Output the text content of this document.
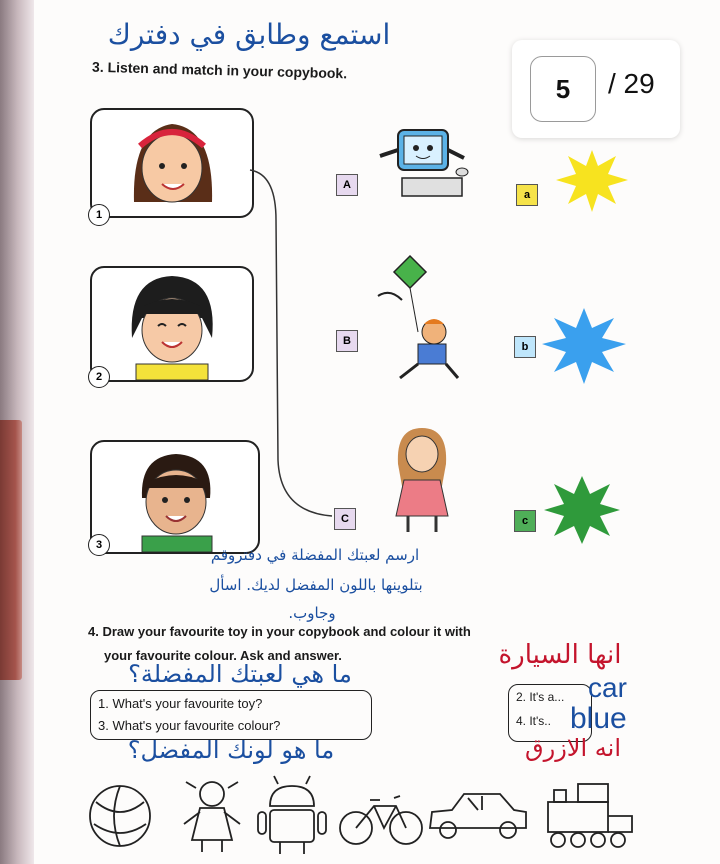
استمع وطابق في دفترك
3. Listen and match in your copybook.
5	/ 29
1
2
3
A
B
C
a
b
c
ارسم لعبتك المفضلة في دفتروقم
بتلوينها باللون المفضل لديك. اسأل
وجاوب.
4. Draw your favourite toy in your copybook and colour it with
your favourite colour. Ask and answer.
ما هي لعبتك المفضلة؟
انها السيارة
1. What's your favourite toy?
3. What's your favourite colour?
2. It's a... car
4. It's.. blue
ما هو لونك المفضل؟	انه الازرق
